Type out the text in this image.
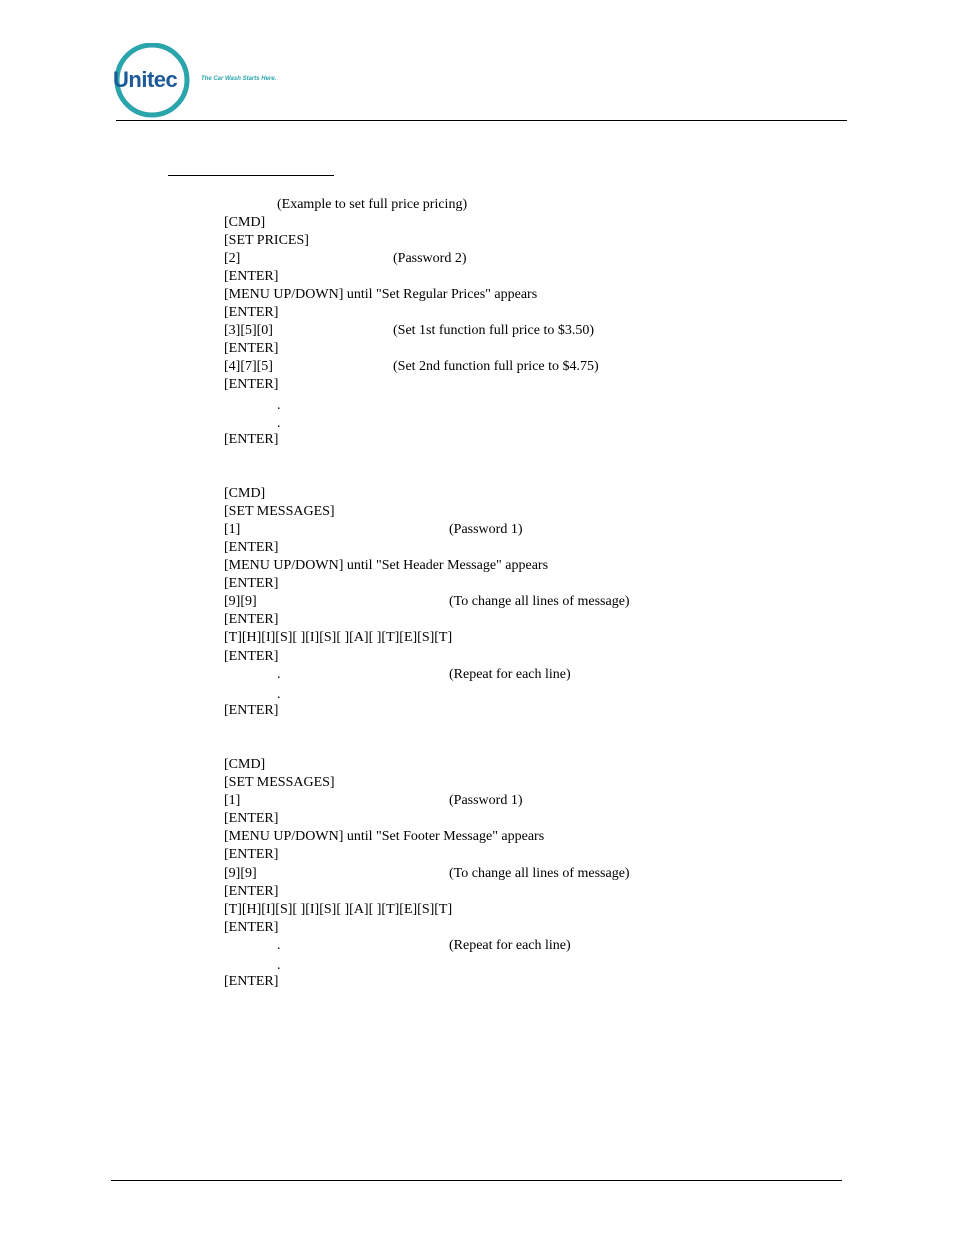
Unitec	The Car Wash Starts Here.
(Example to set full price pricing)
[CMD]
[SET PRICES]
[2]	(Password 2)
[ENTER]
[MENU UP/DOWN] until "Set Regular Prices" appears
[ENTER]
[3][5][0]	(Set 1st function full price to $3.50)
[ENTER]
[4][7][5]	(Set 2nd function full price to $4.75)
[ENTER]
.
.
[ENTER]
[CMD]
[SET MESSAGES]
[1]	(Password 1)
[ENTER]
[MENU UP/DOWN] until "Set Header Message" appears
[ENTER]
[9][9]	(To change all lines of message)
[ENTER]
[T][H][I][S][ ][I][S][ ][A][ ][T][E][S][T]
[ENTER]
.	(Repeat for each line)
.
[ENTER]
[CMD]
[SET MESSAGES]
[1]	(Password 1)
[ENTER]
[MENU UP/DOWN] until "Set Footer Message" appears
[ENTER]
[9][9]	(To change all lines of message)
[ENTER]
[T][H][I][S][ ][I][S][ ][A][ ][T][E][S][T]
[ENTER]
.	(Repeat for each line)
.
[ENTER]
